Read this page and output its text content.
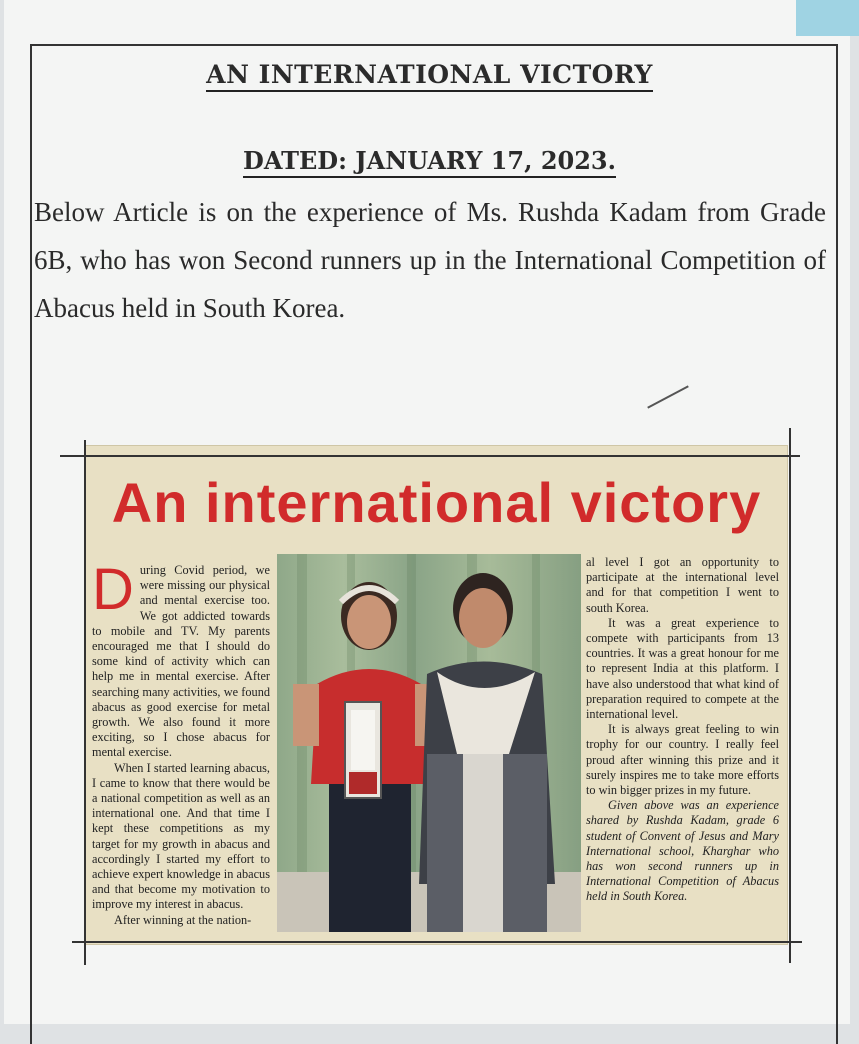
AN INTERNATIONAL VICTORY
DATED: JANUARY 17, 2023.
Below Article is on the experience of Ms. Rushda Kadam from Grade 6B, who has won Second runners up in the International Competition of Abacus held in South Korea.
An international victory

During Covid period, we were missing our physical and mental exercise too. We got addicted towards to mobile and TV. My parents encouraged me that I should do some kind of activity which can help me in mental exercise. After searching many activities, we found abacus as good exercise for metal growth. We also found it more exciting, so I chose abacus for mental exercise.

When I started learning abacus, I came to know that there would be a national competition as well as an international one. And that time I kept these competitions as my target for my growth in abacus and accordingly I started my effort to achieve expert knowledge in abacus and that become my motivation to improve my interest in abacus.

After winning at the nation-

al level I got an opportunity to participate at the international level and for that competition I went to south Korea.

It was a great experience to compete with participants from 13 countries. It was a great honour for me to represent India at this platform. I have also understood that what kind of preparation required to compete at the international level.

It is always great feeling to win trophy for our country. I really feel proud after winning this prize and it surely inspires me to take more efforts to win bigger prizes in my future.

Given above was an experience shared by Rushda Kadam, grade 6 student of Convent of Jesus and Mary International school, Kharghar who has won second runners up in International Competition of Abacus held in South Korea.
